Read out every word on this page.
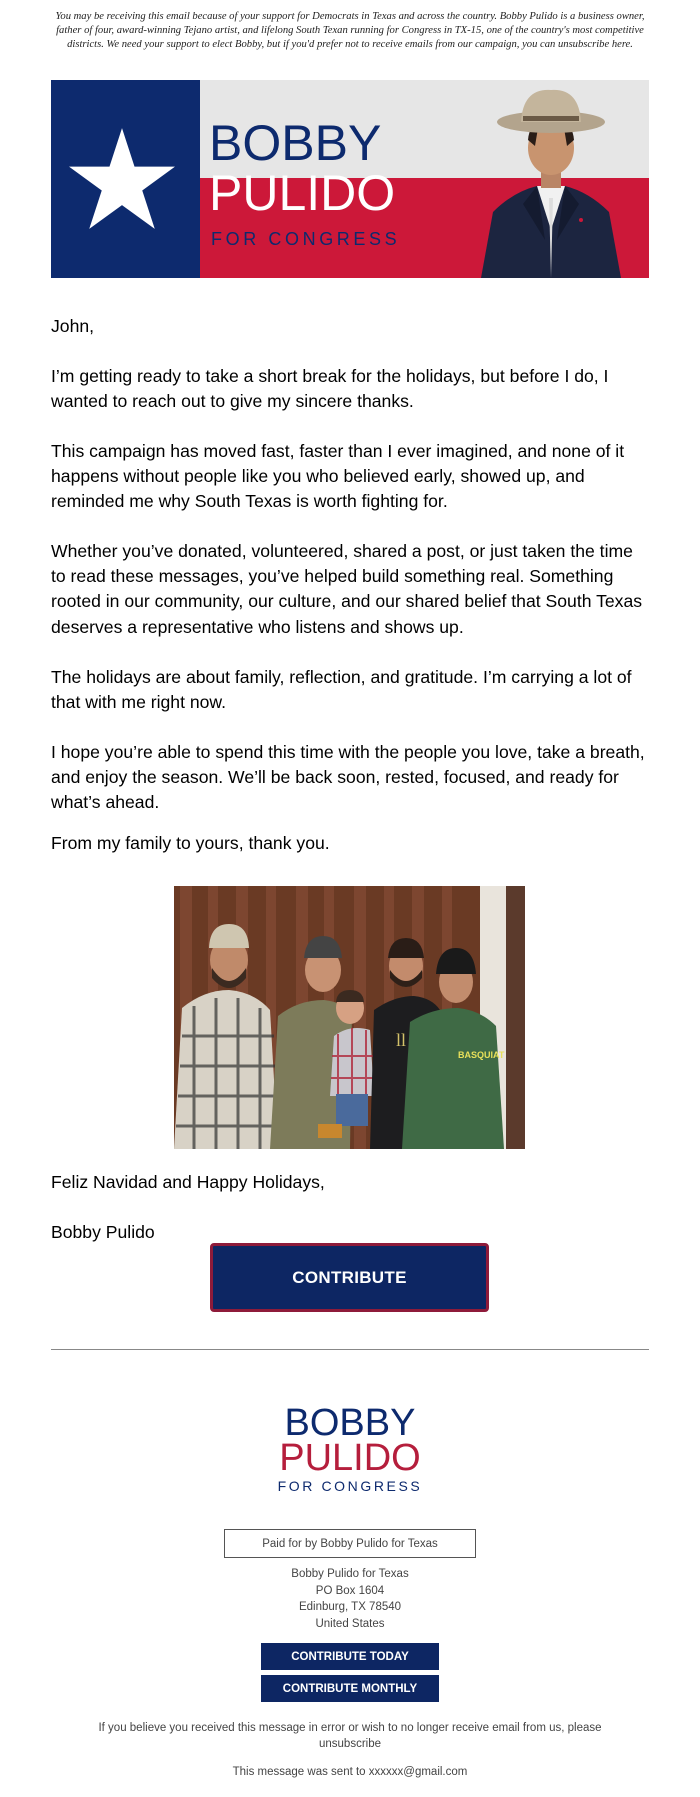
You may be receiving this email because of your support for Democrats in Texas and across the country. Bobby Pulido is a business owner, father of four, award-winning Tejano artist, and lifelong South Texan running for Congress in TX-15, one of the country's most competitive districts. We need your support to elect Bobby, but if you'd prefer not to receive emails from our campaign, you can unsubscribe here.
BOBBY
PULIDO
FOR CONGRESS
John,
I’m getting ready to take a short break for the holidays, but before I do, I wanted to reach out to give my sincere thanks.
This campaign has moved fast, faster than I ever imagined, and none of it happens without people like you who believed early, showed up, and reminded me why South Texas is worth fighting for.
Whether you’ve donated, volunteered, shared a post, or just taken the time to read these messages, you’ve helped build something real. Something rooted in our community, our culture, and our shared belief that South Texas deserves a representative who listens and shows up.
The holidays are about family, reflection, and gratitude. I’m carrying a lot of that with me right now.
I hope you’re able to spend this time with the people you love, take a breath, and enjoy the season. We’ll be back soon, rested, focused, and ready for what’s ahead.
From my family to yours, thank you.
ll
BASQUIAT
Feliz Navidad and Happy Holidays,
Bobby Pulido
CONTRIBUTE
BOBBY
PULIDO
FOR CONGRESS
Paid for by Bobby Pulido for Texas
Bobby Pulido for Texas
PO Box 1604
Edinburg, TX 78540
United States
CONTRIBUTE TODAY
CONTRIBUTE MONTHLY
If you believe you received this message in error or wish to no longer receive email from us, please
unsubscribe
This message was sent to xxxxxx@gmail.com
